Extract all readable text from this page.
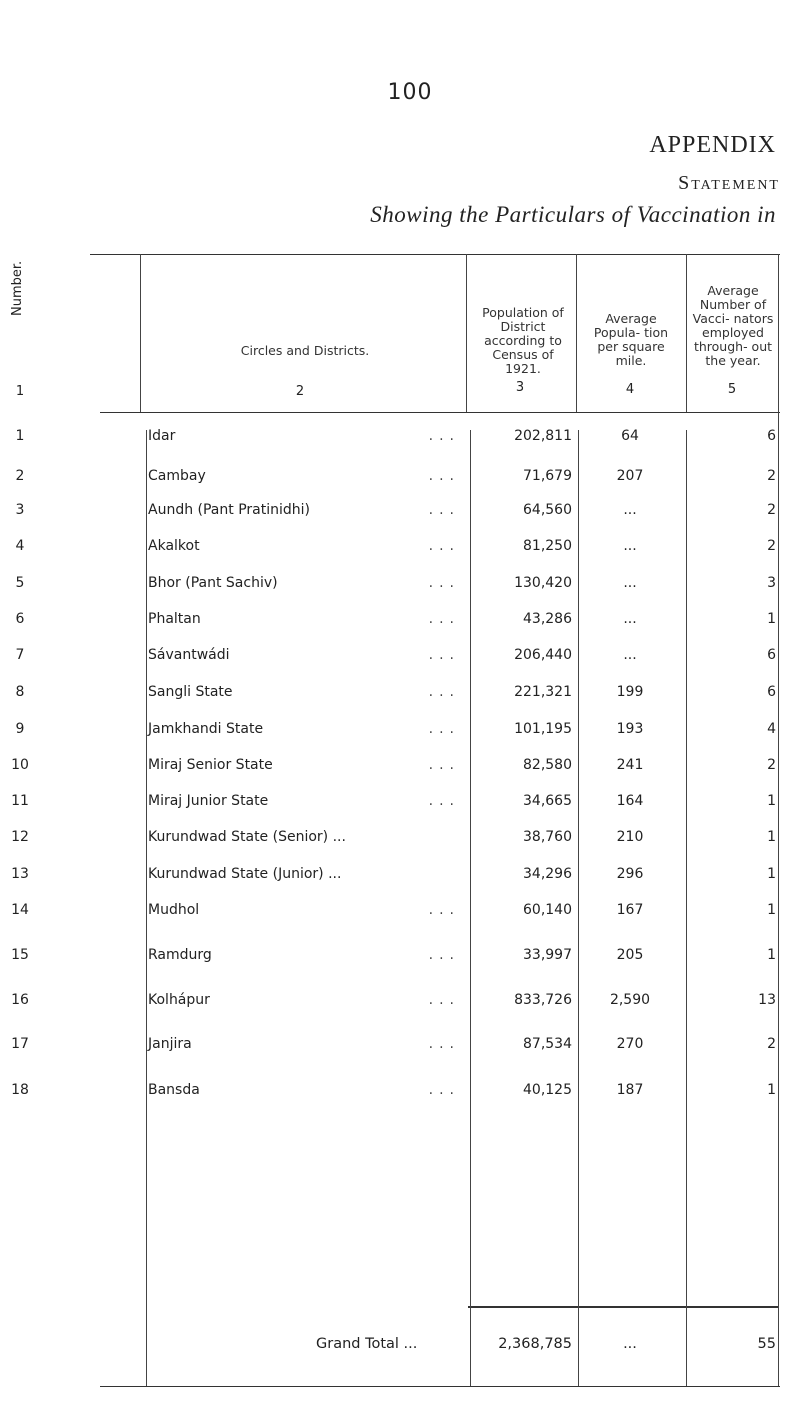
100
APPENDIX
Statement
Showing the Particulars of Vaccination in
Number.
Circles and Districts.
Population of District according to Census of 1921.
Average Popula- tion per square mile.
Average Number of Vacci- nators employed through- out the year.
1	2	3	4	5
1	Idar	...	202,811	64	6
2	Cambay	...	71,679	207	2
3	Aundh (Pant Pratinidhi)	...	64,560	...	2
4	Akalkot	...	81,250	...	2
5	Bhor (Pant Sachiv)	...	130,420	...	3
6	Phaltan	...	43,286	...	1
7	Sávantwádi	...	206,440	...	6
8	Sangli State	...	221,321	199	6
9	Jamkhandi State	...	101,195	193	4
10	Miraj Senior State	...	82,580	241	2
11	Miraj Junior State	...	34,665	164	1
12	Kurundwad State (Senior) ...	38,760	210	1
13	Kurundwad State (Junior) ...	34,296	296	1
14	Mudhol	...	60,140	167	1
15	Ramdurg	...	33,997	205	1
16	Kolhápur	...	833,726	2,590	13
17	Janjira	...	87,534	270	2
18	Bansda	...	40,125	187	1
Grand Total ...	2,368,785	...	55
